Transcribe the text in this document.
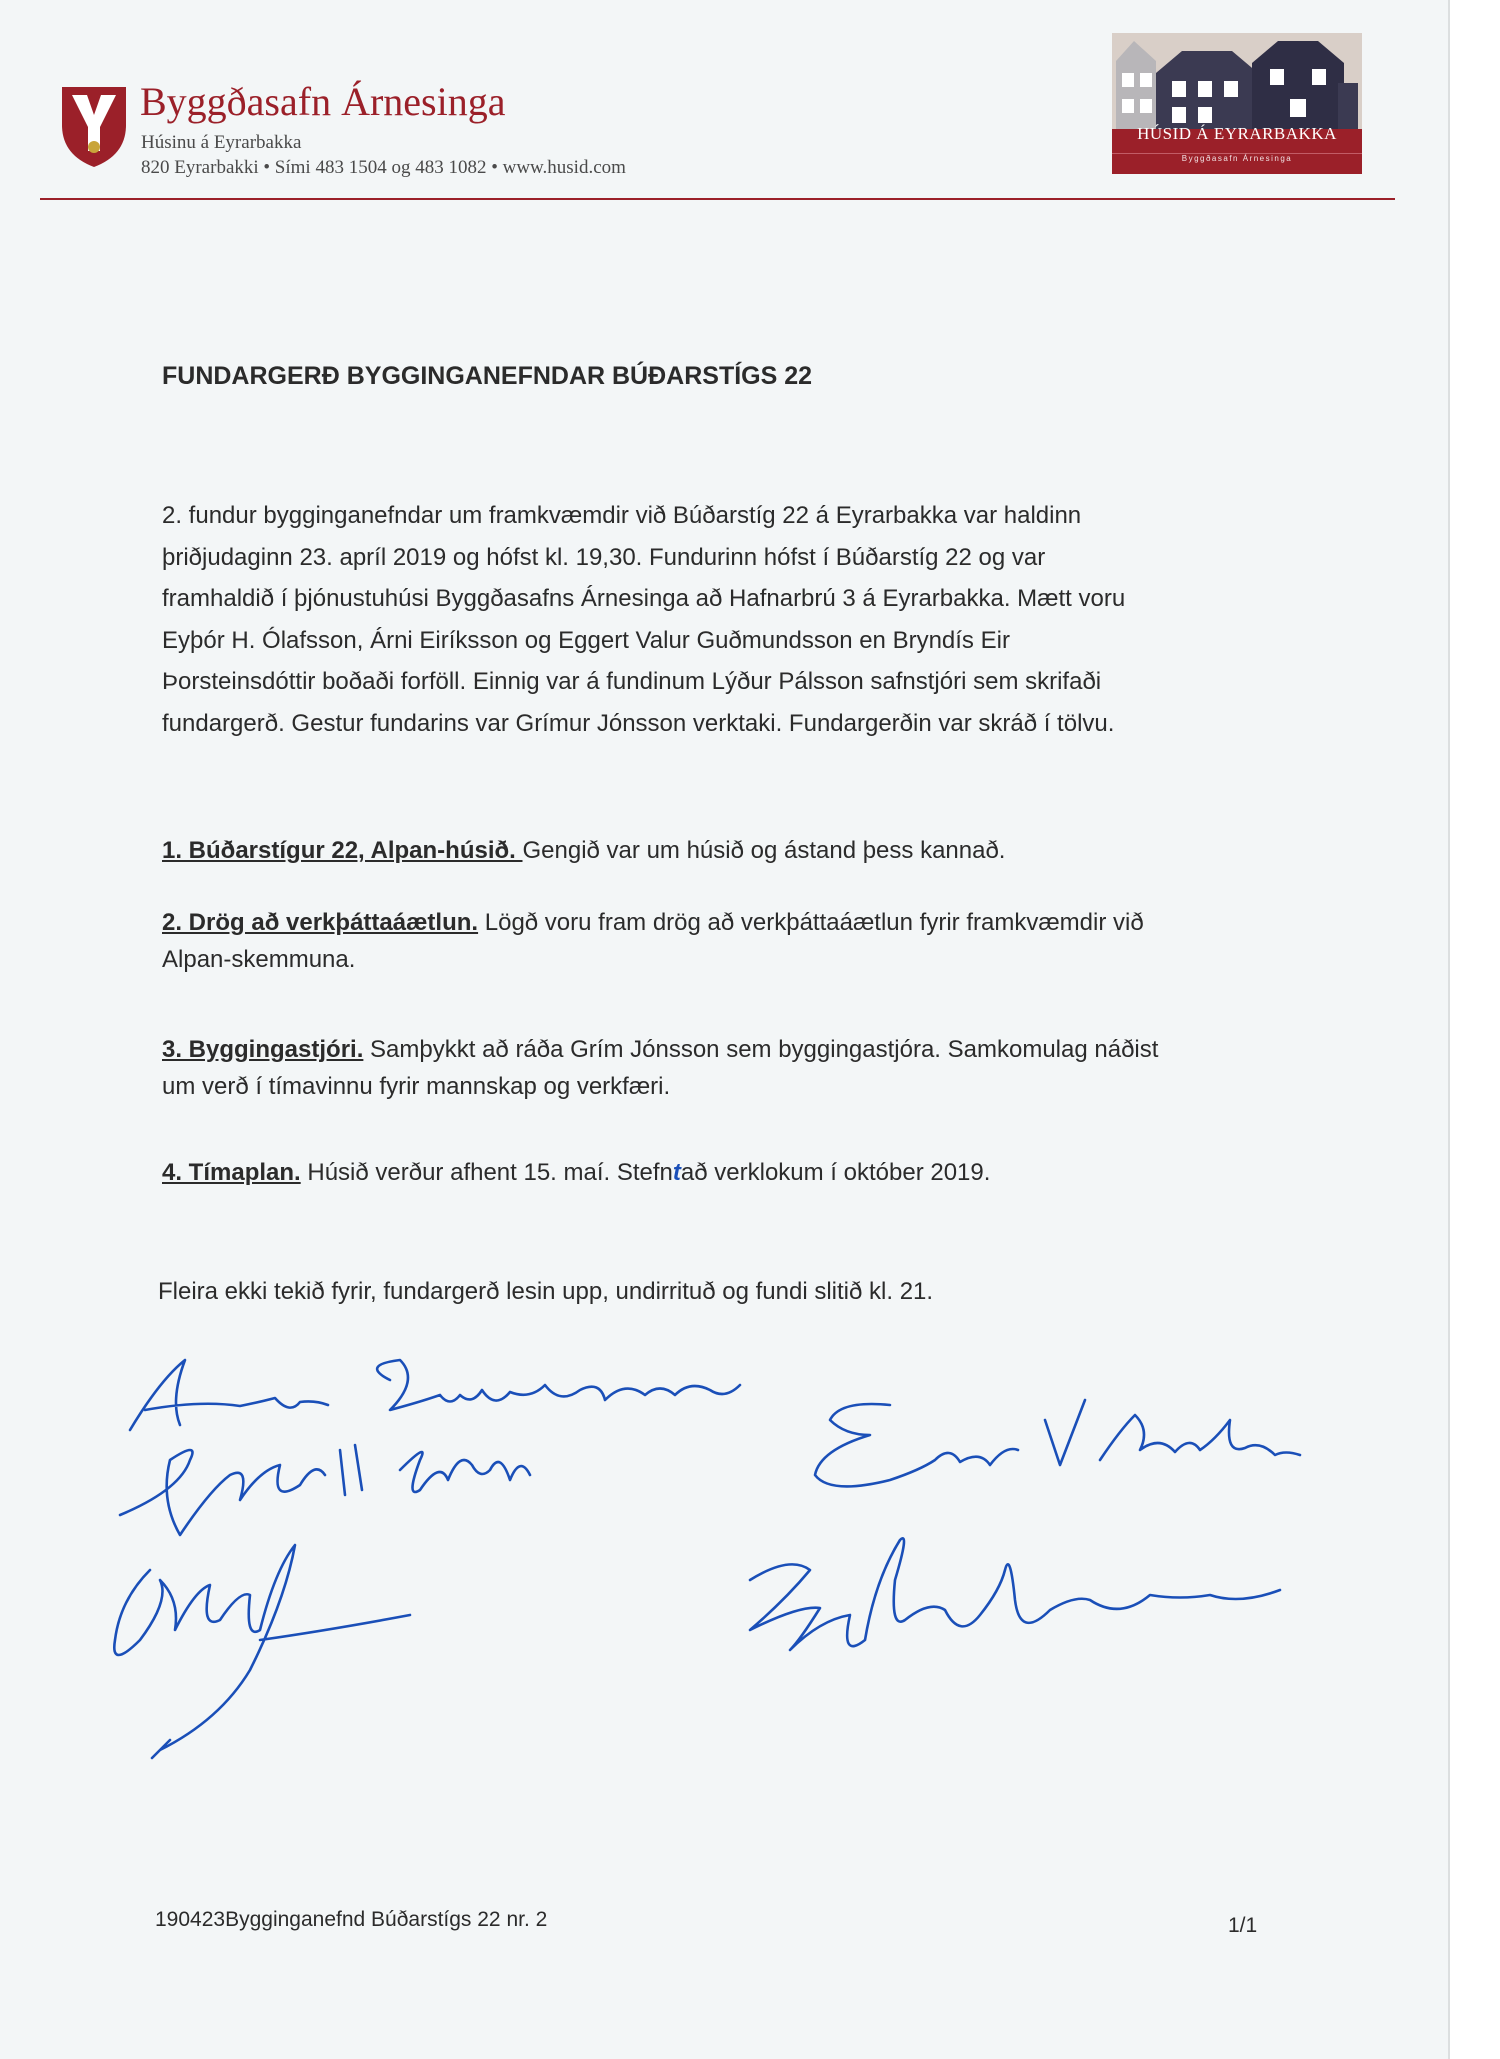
Byggðasafn Árnesinga
Húsinu á Eyrarbakka
820 Eyrarbakki • Sími 483 1504 og 483 1082 • www.husid.com
HÚSID Á EYRARBAKKA
Byggðasafn Árnesinga
FUNDARGERÐ BYGGINGANEFNDAR BÚÐARSTÍGS 22
2. fundur bygginganefndar um framkvæmdir við Búðarstíg 22 á Eyrarbakka var haldinn
þriðjudaginn 23. apríl 2019 og hófst kl. 19,30. Fundurinn hófst í Búðarstíg 22 og var
framhaldið í þjónustuhúsi Byggðasafns Árnesinga að Hafnarbrú 3 á Eyrarbakka. Mætt voru
Eyþór H. Ólafsson, Árni Eiríksson og Eggert Valur Guðmundsson en Bryndís Eir
Þorsteinsdóttir boðaði forföll. Einnig var á fundinum Lýður Pálsson safnstjóri sem skrifaði
fundargerð. Gestur fundarins var Grímur Jónsson verktaki. Fundargerðin var skráð í tölvu.
1. Búðarstígur 22, Alpan-húsið. Gengið var um húsið og ástand þess kannað.
2. Drög að verkþáttaáætlun. Lögð voru fram drög að verkþáttaáætlun fyrir framkvæmdir við
Alpan-skemmuna.
3. Byggingastjóri. Samþykkt að ráða Grím Jónsson sem byggingastjóra. Samkomulag náðist
um verð í tímavinnu fyrir mannskap og verkfæri.
4. Tímaplan. Húsið verður afhent 15. maí. Stefntað verklokum í október 2019.
Fleira ekki tekið fyrir, fundargerð lesin upp, undirrituð og fundi slitið kl. 21.
190423Bygginganefnd Búðarstígs 22 nr. 2	1/1
